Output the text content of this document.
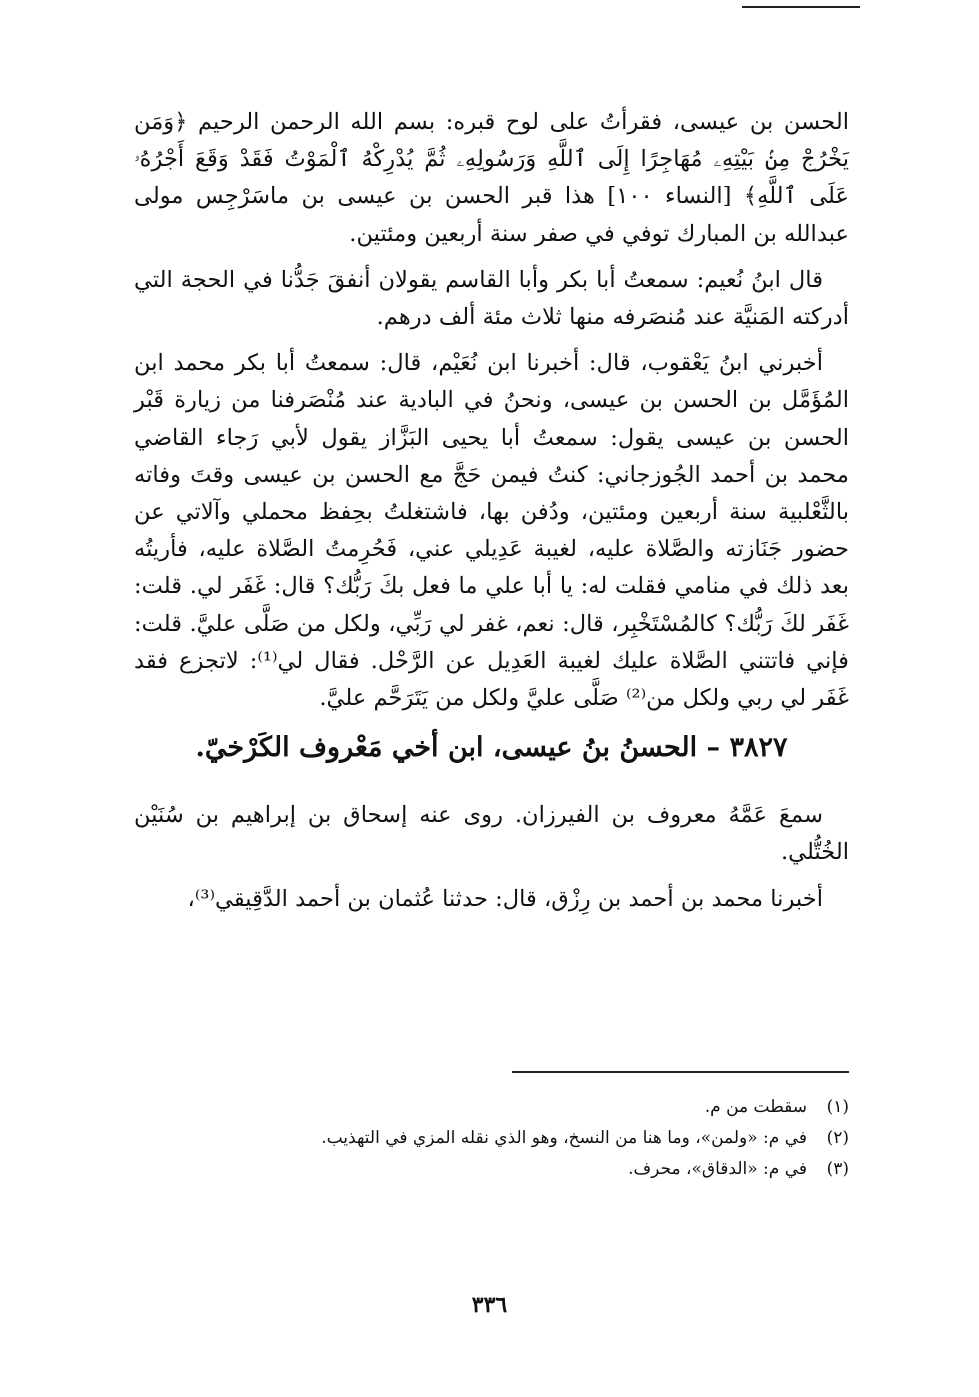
الحسن بن عيسى، فقرأتُ على لوح قبره: بسم الله الرحمن الرحيم ﴿وَمَن يَخْرُجْ مِنۢ بَيْتِهِۦ مُهَاجِرًا إِلَى ٱللَّهِ وَرَسُولِهِۦ ثُمَّ يُدْرِكْهُ ٱلْمَوْتُ فَقَدْ وَقَعَ أَجْرُهُۥ عَلَى ٱللَّهِ﴾ [النساء ١٠٠] هذا قبر الحسن بن عيسى بن ماسَرْجِس مولى عبدالله بن المبارك توفي في صفر سنة أربعين ومئتين.

قال ابنُ نُعيم: سمعتُ أبا بكر وأبا القاسم يقولان أنفقَ جَدُّنا في الحجة التي أدركته المَنيَّة عند مُنصَرفه منها ثلاث مئة ألف درهم.

أخبرني ابنُ يَعْقوب، قال: أخبرنا ابن نُعَيْم، قال: سمعتُ أبا بكر محمد ابن المُؤَمَّل بن الحسن بن عيسى، ونحنُ في البادية عند مُنْصَرفنا من زيارة قَبْر الحسن بن عيسى يقول: سمعتُ أبا يحيى البَزَّاز يقول لأبي رَجاء القاضي محمد بن أحمد الجُوزجاني: كنتُ فيمن حَجَّ مع الحسن بن عيسى وقتَ وفاته بالثَّعْلبية سنة أربعين ومئتين، ودُفن بها، فاشتغلتُ بحِفظ محملي وآلاتي عن حضور جَنَازته والصَّلاة عليه، لغيبة عَدِيلي عني، فَحُرِمتُ الصَّلاة عليه، فأريتُه بعد ذلك في منامي فقلت له: يا أبا علي ما فعل بكَ رَبُّك؟ قال: غَفَر لي. قلت: غَفَر لكَ رَبُّك؟ كالمُسْتَخْبِر، قال: نعم، غفر لي رَبِّي، ولكل من صَلَّى عليَّ. قلت: فإني فاتتني الصَّلاة عليك لغيبة العَدِيل عن الرَّحْل. فقال لي⁽¹⁾: لاتجزع فقد غَفَر لي ربي ولكل من⁽²⁾ صَلَّى عليَّ ولكل من يَتَرَحَّم عليَّ.

٣٨٢٧ – الحسنُ بنُ عيسى، ابن أخي مَعْروف الكَرْخيّ.

سمعَ عَمَّهُ معروف بن الفيرزان. روى عنه إسحاق بن إبراهيم بن سُنَيْن الخُتُّلي.

أخبرنا محمد بن أحمد بن رِزْق، قال: حدثنا عُثمان بن أحمد الدَّقِيقي⁽³⁾،

(١)
سقطت من م.
(٢)
في م: «ولمن»، وما هنا من النسخ، وهو الذي نقله المزي في التهذيب.
(٣)
في م: «الدقاق»، محرف.
٣٣٦
